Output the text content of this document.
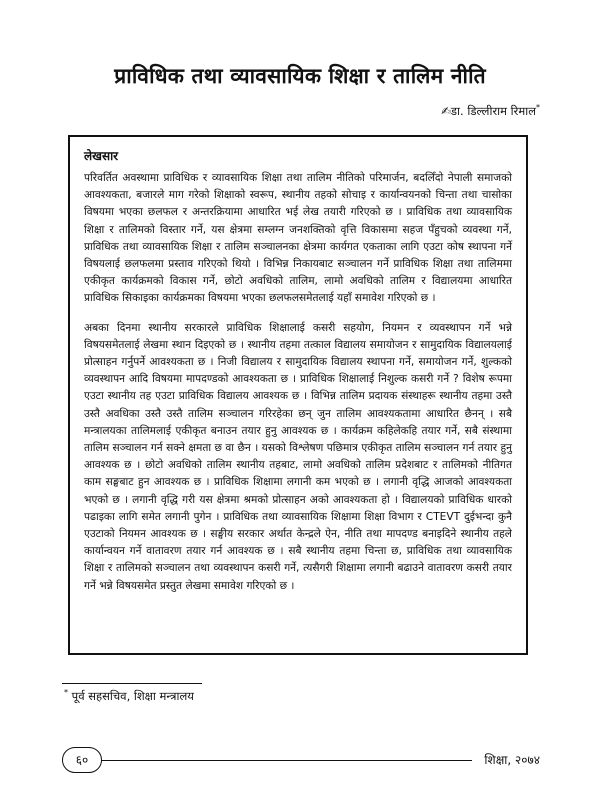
प्राविधिक तथा व्यावसायिक शिक्षा र तालिम नीति
✍डा. डिल्लीराम रिमाल*
लेखसार

परिवर्तित अवस्थामा प्राविधिक र व्यावसायिक शिक्षा तथा तालिम नीतिको परिमार्जन, बदलिँदो नेपाली समाजको आवश्यकता, बजारले माग गरेको शिक्षाको स्वरूप, स्थानीय तहको सोचाइ र कार्यान्वयनको चिन्ता तथा चासोका विषयमा भएका छलफल र अन्तरक्रियामा आधारित भई लेख तयारी गरिएको छ । प्राविधिक तथा व्यावसायिक शिक्षा र तालिमको विस्तार गर्ने, यस क्षेत्रमा सम्लग्न जनशक्तिको वृत्ति विकासमा सहज पँहुचको व्यवस्था गर्ने, प्राविधिक तथा व्यावसायिक शिक्षा र तालिम सञ्चालनका क्षेत्रमा कार्यगत एकताका लागि एउटा कोष स्थापना गर्ने विषयलाई छलफलमा प्रस्ताव गरिएको थियो । विभिन्न निकायबाट सञ्चालन गर्ने प्राविधिक शिक्षा तथा तालिममा एकीकृत कार्यक्रमको विकास गर्ने, छोटो अवधिको तालिम, लामो अवधिको तालिम र विद्यालयमा आधारित प्राविधिक सिकाइका कार्यक्रमका विषयमा भएका छलफलसमेतलाई यहाँ समावेश गरिएको छ ।

अबका दिनमा स्थानीय सरकारले प्राविधिक शिक्षालाई कसरी सहयोग, नियमन र व्यवस्थापन गर्ने भन्ने विषयसमेतलाई लेखमा स्थान दिइएको छ । स्थानीय तहमा तत्काल विद्यालय समायोजन र सामुदायिक विद्यालयलाई प्रोत्साहन गर्नुपर्ने आवश्यकता छ । निजी विद्यालय र सामुदायिक विद्यालय स्थापना गर्ने, समायोजन गर्ने, शुल्कको व्यवस्थापन आदि विषयमा मापदण्डको आवश्यकता छ । प्राविधिक शिक्षालाई निशुल्क कसरी गर्ने ? विशेष रूपमा एउटा स्थानीय तह एउटा प्राविधिक विद्यालय आवश्यक छ । विभिन्न तालिम प्रदायक संस्थाहरू स्थानीय तहमा उस्तै उस्तै अवधिका उस्तै उस्तै तालिम सञ्चालन गरिरहेका छन् जुन तालिम आवश्यकतामा आधारित छैनन् । सबै मन्त्रालयका तालिमलाई एकीकृत बनाउन तयार हुनु आवश्यक छ । कार्यक्रम कहिलेकहि तयार गर्ने, सबै संस्थामा तालिम सञ्चालन गर्न सक्ने क्षमता छ वा छैन । यसको विश्लेषण पछिमात्र एकीकृत तालिम सञ्चालन गर्न तयार हुनु आवश्यक छ । छोटो अवधिको तालिम स्थानीय तहबाट, लामो अवधिको तालिम प्रदेशबाट र तालिमको नीतिगत काम सङ्घबाट हुन आवश्यक छ । प्राविधिक शिक्षामा लगानी कम भएको छ । लगानी वृद्धि आजको आवश्यकता भएको छ । लगानी वृद्धि गरी यस क्षेत्रमा श्रमको प्रोत्साहन अको आवश्यकता हो । विद्यालयको प्राविधिक धारको पढाइका लागि समेत लगानी पुगेन । प्राविधिक तथा व्यावसायिक शिक्षामा शिक्षा विभाग र CTEVT दुईभन्दा कुनै एउटाको नियमन आवश्यक छ । सङ्घीय सरकार अर्थात केन्द्रले ऐन, नीति तथा मापदण्ड बनाइदिने स्थानीय तहले कार्यान्वयन गर्ने वातावरण तयार गर्न आवश्यक छ । सबै स्थानीय तहमा चिन्ता छ, प्राविधिक तथा व्यावसायिक शिक्षा र तालिमको सञ्चालन तथा व्यवस्थापन कसरी गर्ने, त्यसैगरी शिक्षामा लगानी बढाउने वातावरण कसरी तयार गर्ने भन्ने विषयसमेत प्रस्तुत लेखमा समावेश गरिएको छ ।

* पूर्व सहसचिव, शिक्षा मन्त्रालय
६०	शिक्षा, २०७४
